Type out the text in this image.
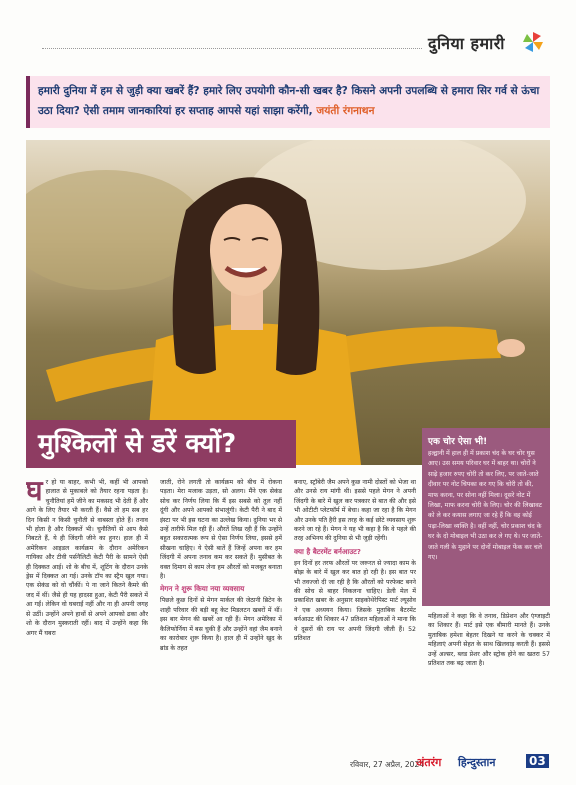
दुनिया हमारी

हमारी दुनिया में हम से जुड़ी क्या खबरें हैं? हमारे लिए उपयोगी कौन-सी खबर है? किसने अपनी उपलब्धि से हमारा सिर गर्व से ऊंचा उठा दिया? ऐसी तमाम जानकारियां हर सप्ताह आपसे यहां साझा करेंगी, जयंती रंगनाथन

मुश्किलों से डरें क्यों?	एक चोर ऐसा भी!
हल्द्वानी में हाल ही में प्रकाश चंद के घर चोर घुस आए। उस समय परिवार घर में बाहर था। चोरों ने साढ़े हजार रुपए चोरी तो कर लिए, पर जाते-जाते दीवार पर नोट चिपका कर गए कि चोरी तो की, माफ करना, पर सोना नहीं मिला। दूसरे नोट में लिखा, माफ करना चोरी के लिए। चोर की लिखावट को ले कर कयास लगाए जा रहे हैं कि वह कोई पढ़ा-लिखा व्यक्ति है। वहीं नहीं, चोर प्रकाश चंद के घर के दो मोबाइल भी उठा कर ले गए थे। पर जाते-जाते गली के मुहाने पर दोनों मोबाइल फेंक कर चले गए।
घ र हो या बाहर, कभी भी, कहीं भी आपको हालात से मुकाबले को तैयार रहना पड़ता है। चुनौतियां हमें जीने का मकसद भी देती हैं और आगे के लिए तैयार भी करती हैं। वैसे तो हम सब हर दिन किसी न किसी चुनौती से वाबस्ता होते हैं। तनाव भी होता है और दिक्कतें भी। चुनौतियों से आप कैसे निबटते हैं, ये ही जिंदगी जीने का हुनर। हाल ही में अमेरिकन आइडल कार्यक्रम के दौरान अमेरिकन गायिका और टीवी पर्सनैलिटी केटी पैरी के सामने ऐसी ही दिक्कत आई। शो के बीच में, शूटिंग के दौरान उनके ड्रेस में दिक्कत आ गई। उनके टॉप का स्ट्रैप खुल गया। एक सेकंड को वो चौंकीं। पे ना जाने कितने कैमरे की जद में थीं। जैसे ही यह हादसा हुआ, केटी पैरी सकते में आ गईं। लेकिन वो घबराईं नहीं और ना ही अपनी जगह से उठीं। उन्होंने अपने हाथों से अपने आपको ढका और शो के दौरान मुस्कराती रहीं। बाद में उन्होंने कहा कि अगर मैं घबरा
जाती, रोने लगती तो कार्यक्रम को बीच में रोकना पड़ता। मेरा मजाक उड़ता, सो अलग। मैंने एक सेकंड सोच कर निर्णय लिया कि मैं इस सबसे को तूल नहीं दूंगी और अपने आपको संभालूंगी। केटी पैरी ने बाद में इंस्टा पर भी इस घटना का उल्लेख किया। दुनिया भर से उन्हें तारीफें मिल रही हैं। औरतें लिख रही हैं कि उन्होंने बहुत सकारात्मक रूप से ऐसा निर्णय लिया, इससे हमें सीखना चाहिए। ये ऐसी बातें हैं जिन्हें अपना कर हम जिंदगी में अपना तनाव कम कर सकते हैं। मुसीबत के वक्त दिमाग से काम लेना हम औरतों को मजबूत बनाता है।
मेगन ने शुरू किया नया व्यवसाय
पिछले कुछ दिनों से मेगन मार्कल की जेठानी ब्रिटेन के शाही परिवार की बड़ी बहू केट मिडलटन खबरों में थीं। इस बार मेगन की खबरें आ रही हैं। मेगन अमेरिका में कैलिफोर्निया में बस चुकी हैं और उन्होंने वहां जैम बनाने का कारोबार शुरू किया है। हाल ही में उन्होंने खुद के ब्रांड के तहत
बनाए, स्ट्रॉबेरी जैम अपने कुछ नामी दोस्तों को भेजा था और उनसे राय मांगी थी। इससे पहले मेगन ने अपनी जिंदगी के बारे में खुल कर पत्रकार से बात की और इसे भी ओटीटी प्लेटफॉर्म में बेचा। कहा जा रहा है कि मेगन और उनके पति हैरी इस तरह के कई छोटे व्यवसाय शुरू करने जा रहे हैं। मेगन ने यह भी कहा है कि वे पहले की तरह अभिनय की दुनिया से भी जुड़ी रहेंगी।
क्या है बैटरमेंट बर्नआउट?
इन दिनों हर तरफ औरतों पर जरूरत से ज्यादा काम के बोझ के बारे में खुल कर बात हो रही है। इस बात पर भी तवज्जो दी जा रही है कि औरतों को परफेक्ट बनने की सोच से बाहर निकलना चाहिए। डेली मेल में प्रकाशित खबर के अनुसार साइकोथेरेपिस्ट मार्ट ल्यूसोव ने एक अध्ययन किया। जिसके मुताबिक बैटरमेंट बर्नआउट की शिकार 47 प्रतिशत महिलाओं ने माना कि वे दूसरों की राय पर अपनी जिंदगी जीती हैं। 52 प्रतिशत
महिलाओं ने कहा कि वे तनाव, डिप्रेशन और एंग्जाइटी का शिकार हैं। मार्ट इसे एक बीमारी मानते हैं। उनके मुताबिक हमेशा बेहतर दिखने या करने के चक्कर में महिलाएं अपनी सेहत के साथ खिलवाड़ करती हैं। इससे उन्हें अल्सर, ब्लड प्रेशर और स्ट्रोक होने का खतरा 57 प्रतिशत तक बढ़ जाता है।
रविवार, 27 अप्रैल, 2024
अंतरंग हिन्दुस्तान	03
